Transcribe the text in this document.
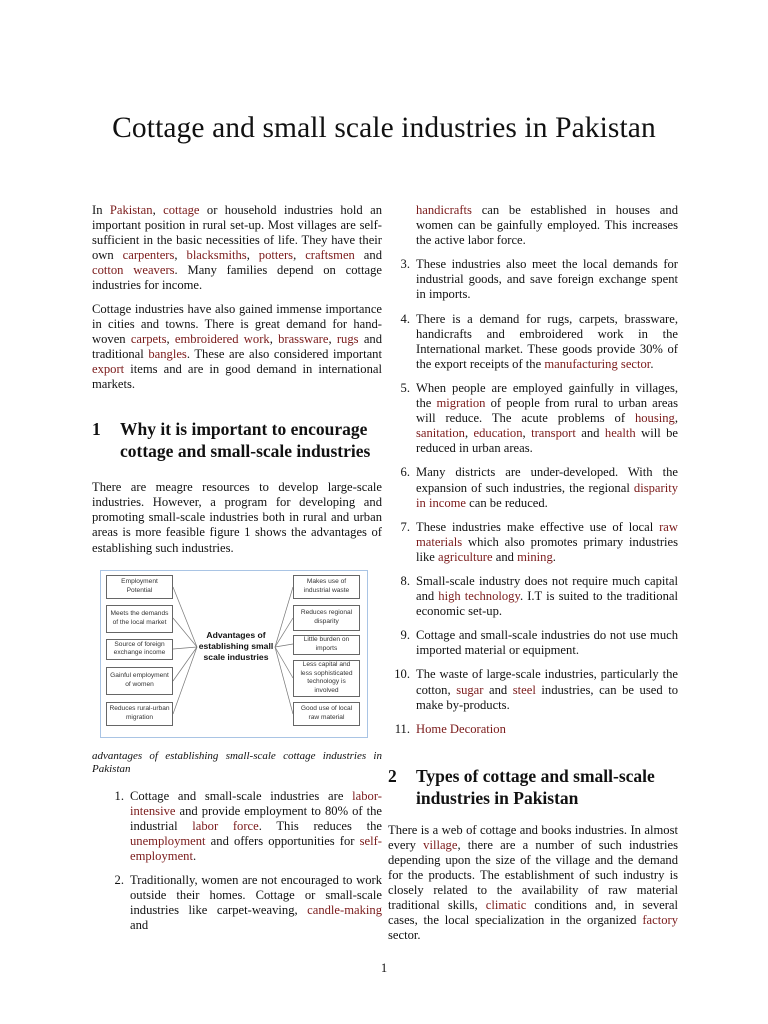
Cottage and small scale industries in Pakistan

In Pakistan, cottage or household industries hold an important position in rural set-up. Most villages are self-sufficient in the basic necessities of life. They have their own carpenters, blacksmiths, potters, craftsmen and cotton weavers. Many families depend on cottage industries for income.

Cottage industries have also gained immense importance in cities and towns. There is great demand for hand-woven carpets, embroidered work, brassware, rugs and traditional bangles. These are also considered important export items and are in good demand in international markets.

1	Why it is important to encourage cottage and small-scale industries

There are meagre resources to develop large-scale industries. However, a program for developing and promoting small-scale industries both in rural and urban areas is more feasible figure 1 shows the advantages of establishing such industries.

Employment Potential
Meets the demands of the local market
Source of foreign exchange income
Gainful employment of women
Reduces rural-urban migration
Advantages of establishing small scale industries
Makes use of industrial waste
Reduces regional disparity
Little burden on imports
Less capital and less sophisticated technology is involved
Good use of local raw material

advantages of establishing small-scale cottage industries in Pakistan

1. Cottage and small-scale industries are labor-intensive and provide employment to 80% of the industrial labor force. This reduces the unemployment and offers opportunities for self-employment.
2. Traditionally, women are not encouraged to work outside their homes. Cottage or small-scale industries like carpet-weaving, candle-making and
handicrafts can be established in houses and women can be gainfully employed. This increases the active labor force.
3. These industries also meet the local demands for industrial goods, and save foreign exchange spent in imports.
4. There is a demand for rugs, carpets, brassware, handicrafts and embroidered work in the International market. These goods provide 30% of the export receipts of the manufacturing sector.
5. When people are employed gainfully in villages, the migration of people from rural to urban areas will reduce. The acute problems of housing, sanitation, education, transport and health will be reduced in urban areas.
6. Many districts are under-developed. With the expansion of such industries, the regional disparity in income can be reduced.
7. These industries make effective use of local raw materials which also promotes primary industries like agriculture and mining.
8. Small-scale industry does not require much capital and high technology. I.T is suited to the traditional economic set-up.
9. Cottage and small-scale industries do not use much imported material or equipment.
10. The waste of large-scale industries, particularly the cotton, sugar and steel industries, can be used to make by-products.
11. Home Decoration
2	Types of cottage and small-scale industries in Pakistan

There is a web of cottage and books industries. In almost every village, there are a number of such industries depending upon the size of the village and the demand for the products. The establishment of such industry is closely related to the availability of raw material traditional skills, climatic conditions and, in several cases, the local specialization in the organized factory sector.

1
